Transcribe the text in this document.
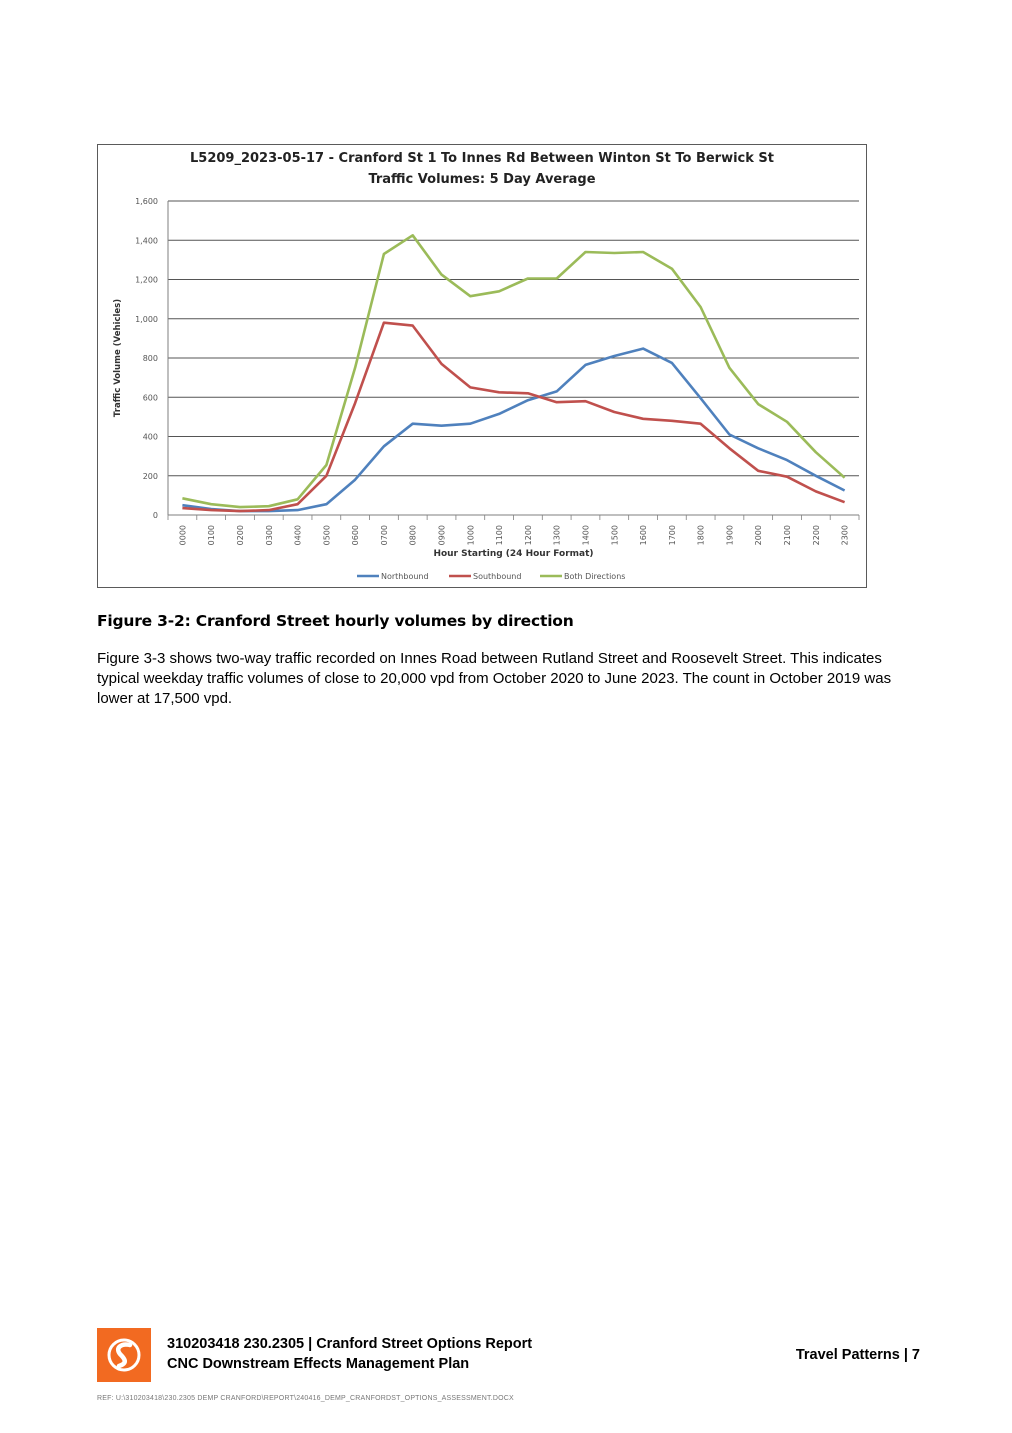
L5209_2023-05-17 - Cranford St 1 To Innes Rd Between Winton St To Berwick St
Traffic Volumes: 5 Day Average
0
200
400
600
800
1,000
1,200
1,400
1,600
0000 0100 0200 0300 0400 0500 0600 0700 0800 0900 1000 1100 1200 1300 1400 1500 1600 1700 1800 1900 2000 2100 2200 2300
Hour Starting (24 Hour Format)
Traffic Volume (Vehicles)
Northbound	Southbound	Both Directions
Figure 3-2: Cranford Street hourly volumes by direction
Figure 3-3 shows two-way traffic recorded on Innes Road between Rutland Street and Roosevelt Street. This indicates typical weekday traffic volumes of close to 20,000 vpd from October 2020 to June 2023. The count in October 2019 was lower at 17,500 vpd.
310203418 230.2305 | Cranford Street Options Report
CNC Downstream Effects Management Plan
Travel Patterns | 7
REF: U:\310203418\230.2305 DEMP CRANFORD\REPORT\240416_DEMP_CRANFORDST_OPTIONS_ASSESSMENT.DOCX
